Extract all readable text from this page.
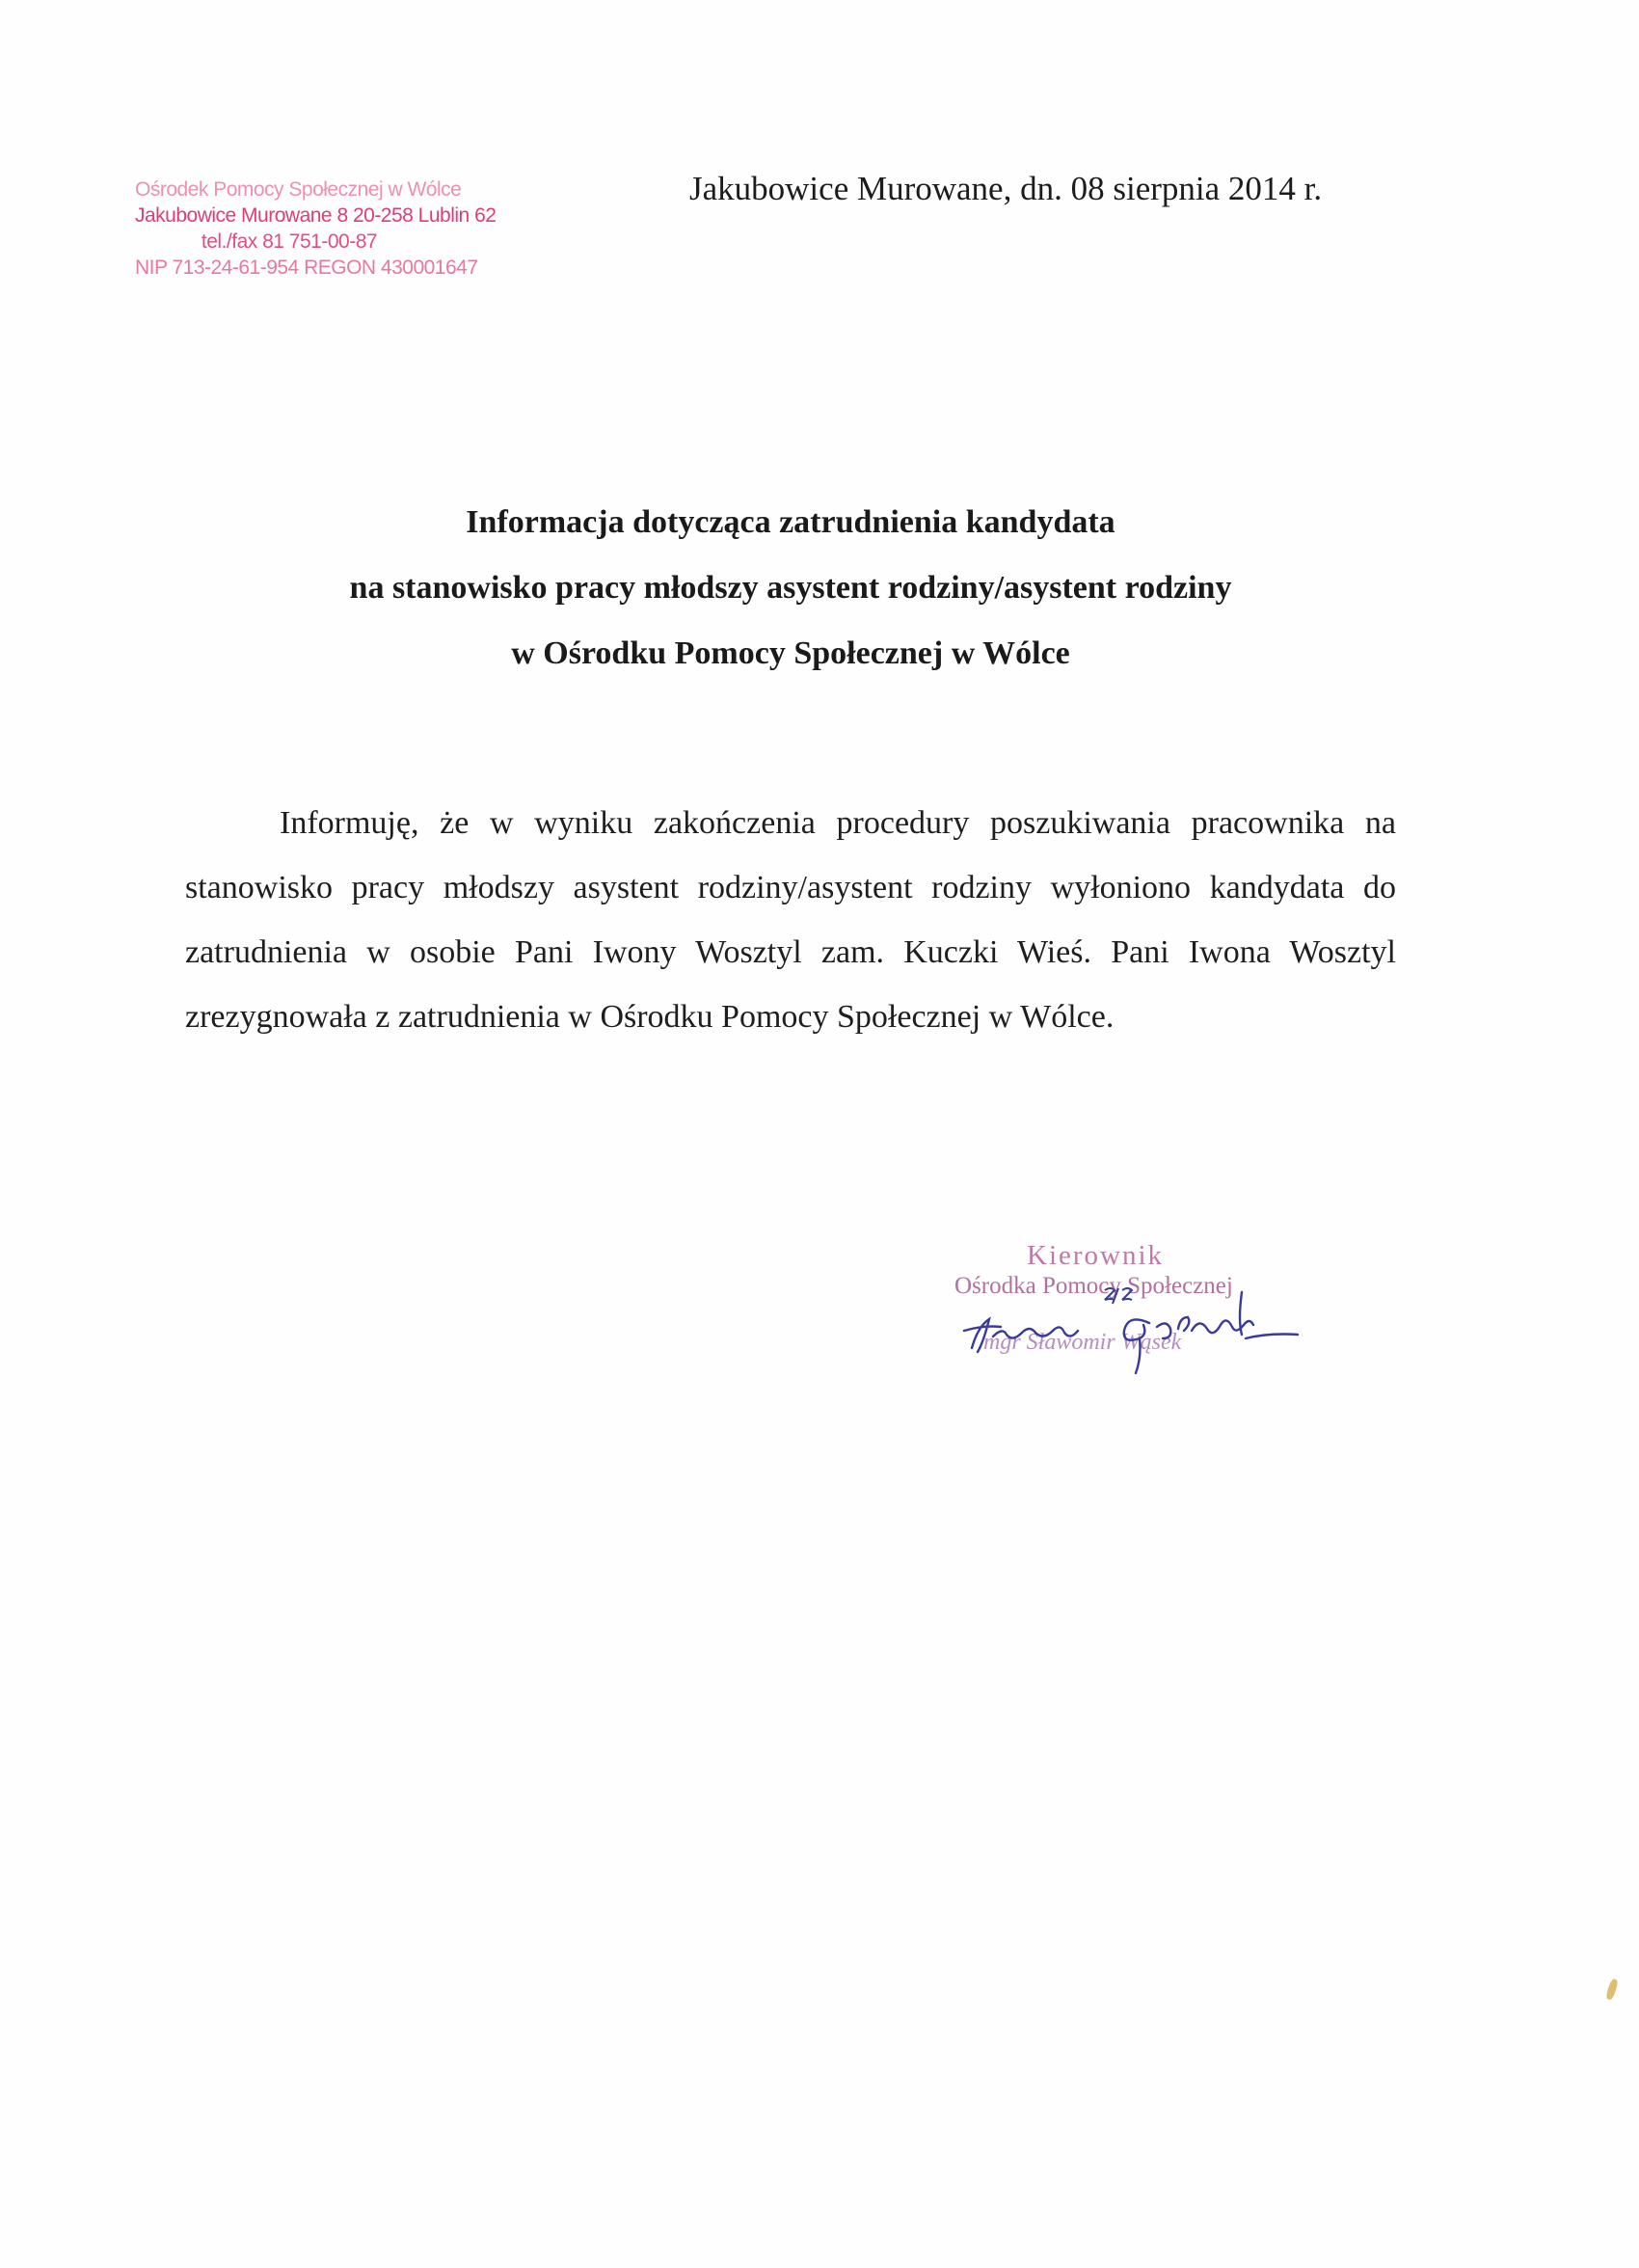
Ośrodek Pomocy Społecznej w Wólce
Jakubowice Murowane 8 20-258 Lublin 62
tel./fax 81 751-00-87
NIP 713-24-61-954 REGON 430001647
Jakubowice Murowane, dn. 08 sierpnia 2014 r.
Informacja dotycząca zatrudnienia kandydata
na stanowisko pracy młodszy asystent rodziny/asystent rodziny
w Ośrodku Pomocy Społecznej w Wólce

Informuję, że w wyniku zakończenia procedury poszukiwania pracownika na stanowisko pracy młodszy asystent rodziny/asystent rodziny wyłoniono kandydata do zatrudnienia w osobie Pani Iwony Wosztyl zam. Kuczki Wieś. Pani Iwona Wosztyl zrezygnowała z zatrudnienia w Ośrodku Pomocy Społecznej w Wólce.

Kierownik
Ośrodka Pomocy Społecznej
mgr Sławomir Wąsek
